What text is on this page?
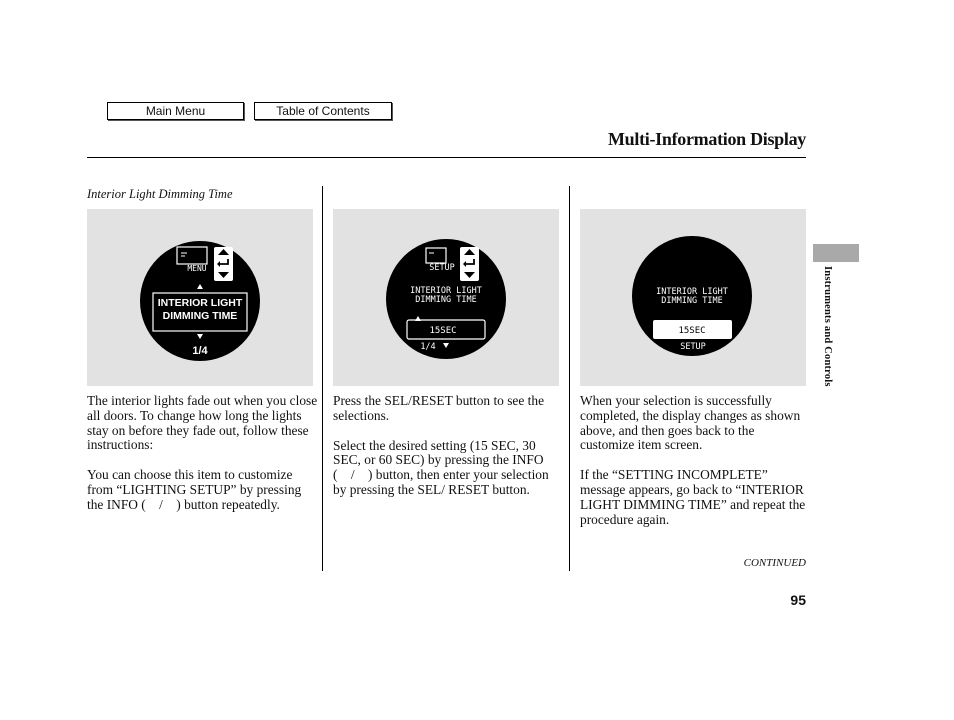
Main Menu	Table of Contents
Multi-Information Display
Interior Light Dimming Time
MENU
INTERIOR LIGHT
DIMMING TIME
1/4
SETUP
INTERIOR LIGHT
DIMMING TIME
15SEC
1/4
INTERIOR LIGHT
DIMMING TIME
15SEC
SETUP

The interior lights fade out when you close all doors. To change how long the lights stay on before they fade out, follow these instructions:

You can choose this item to customize from “LIGHTING SETUP” by pressing the INFO ( / ) button repeatedly.

Press the SEL/RESET button to see the selections.

Select the desired setting (15 SEC, 30 SEC, or 60 SEC) by pressing the INFO ( / ) button, then enter your selection by pressing the SEL/ RESET button.

When your selection is successfully completed, the display changes as shown above, and then goes back to the customize item screen.

If the “SETTING INCOMPLETE” message appears, go back to “INTERIOR LIGHT DIMMING TIME” and repeat the procedure again.

Instruments and Controls
CONTINUED
95
